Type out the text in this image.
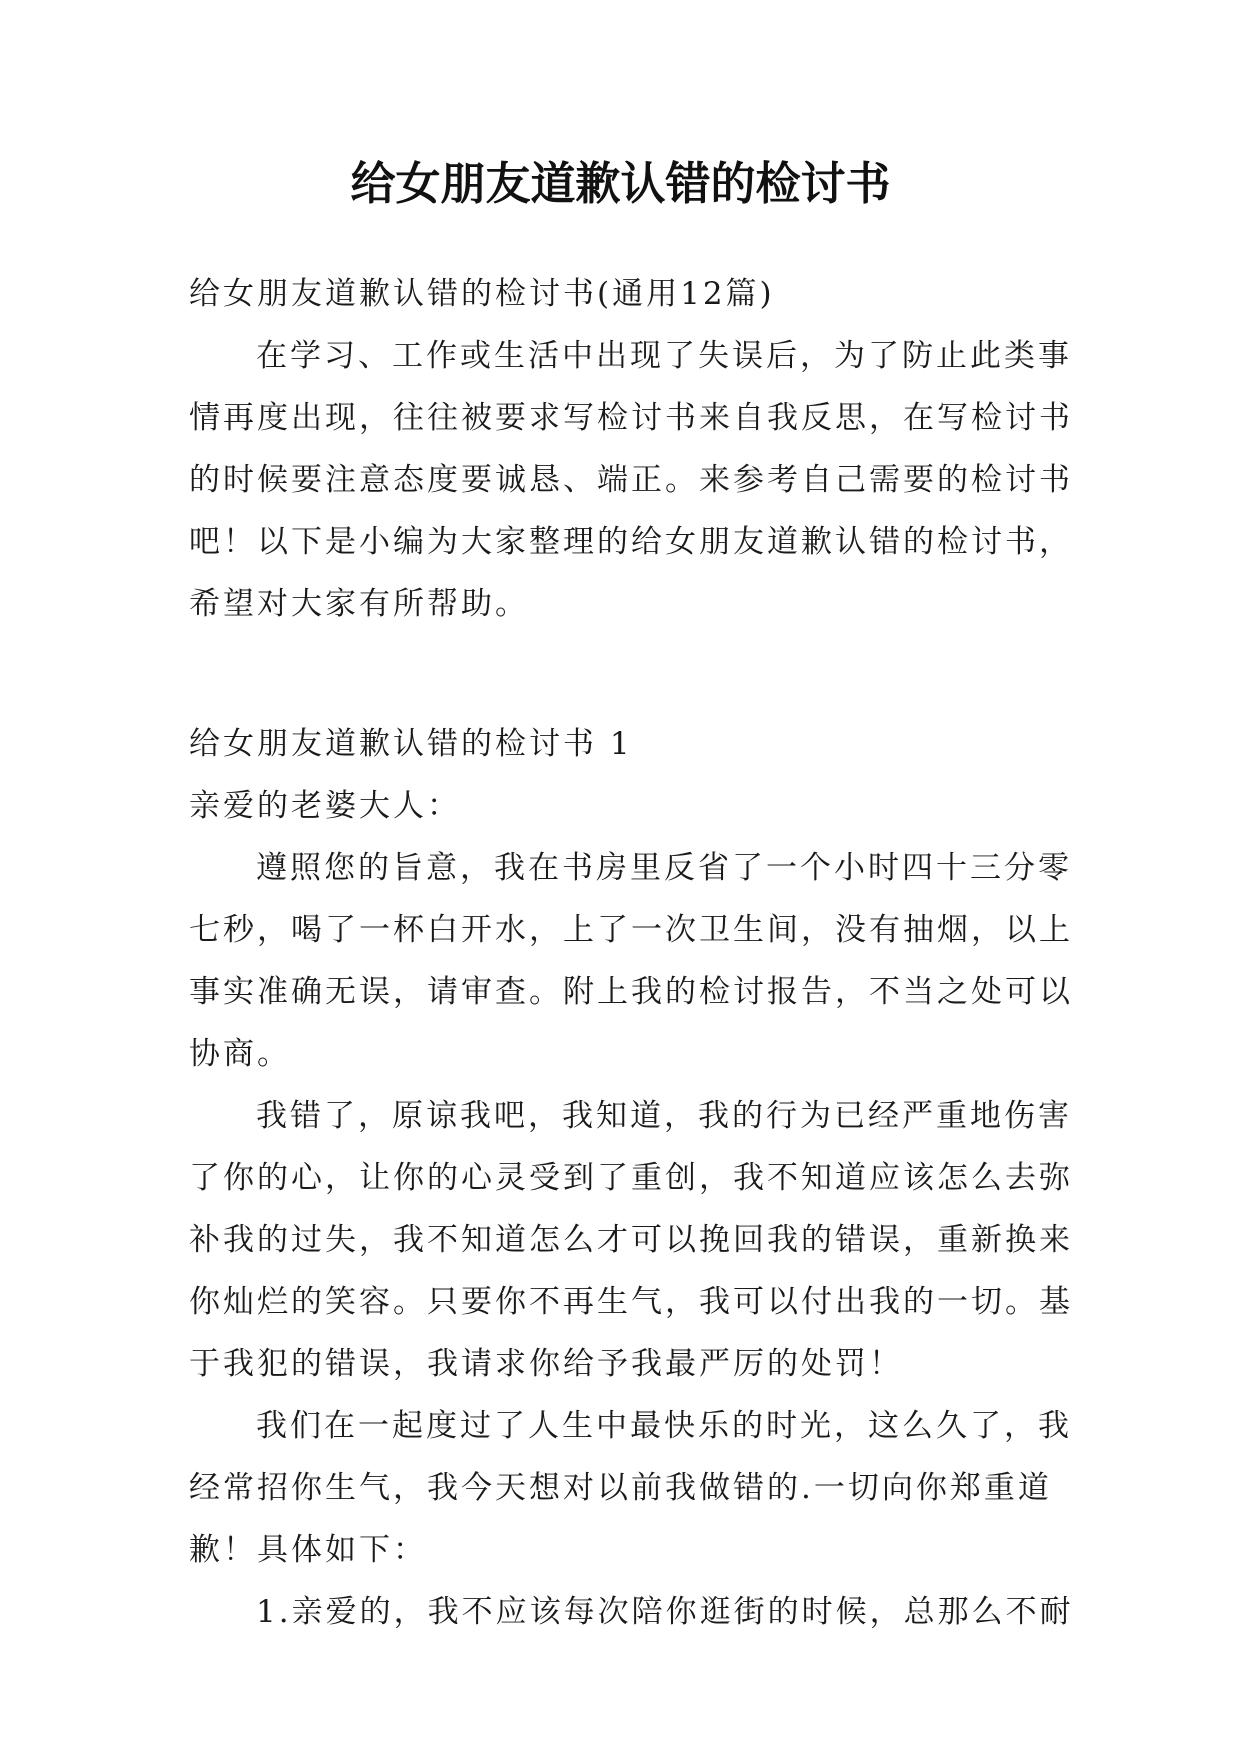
给女朋友道歉认错的检讨书
给女朋友道歉认错的检讨书(通用12篇)
在学习、工作或生活中出现了失误后，为了防止此类事
情再度出现，往往被要求写检讨书来自我反思，在写检讨书
的时候要注意态度要诚恳、端正。来参考自己需要的检讨书
吧！以下是小编为大家整理的给女朋友道歉认错的检讨书，
希望对大家有所帮助。
给女朋友道歉认错的检讨书 1
亲爱的老婆大人：
遵照您的旨意，我在书房里反省了一个小时四十三分零
七秒，喝了一杯白开水，上了一次卫生间，没有抽烟，以上
事实准确无误，请审查。附上我的检讨报告，不当之处可以
协商。
我错了，原谅我吧，我知道，我的行为已经严重地伤害
了你的心，让你的心灵受到了重创，我不知道应该怎么去弥
补我的过失，我不知道怎么才可以挽回我的错误，重新换来
你灿烂的笑容。只要你不再生气，我可以付出我的一切。基
于我犯的错误，我请求你给予我最严厉的处罚！
我们在一起度过了人生中最快乐的时光，这么久了，我
经常招你生气，我今天想对以前我做错的.一切向你郑重道
歉！具体如下：
1.亲爱的，我不应该每次陪你逛街的时候，总那么不耐
